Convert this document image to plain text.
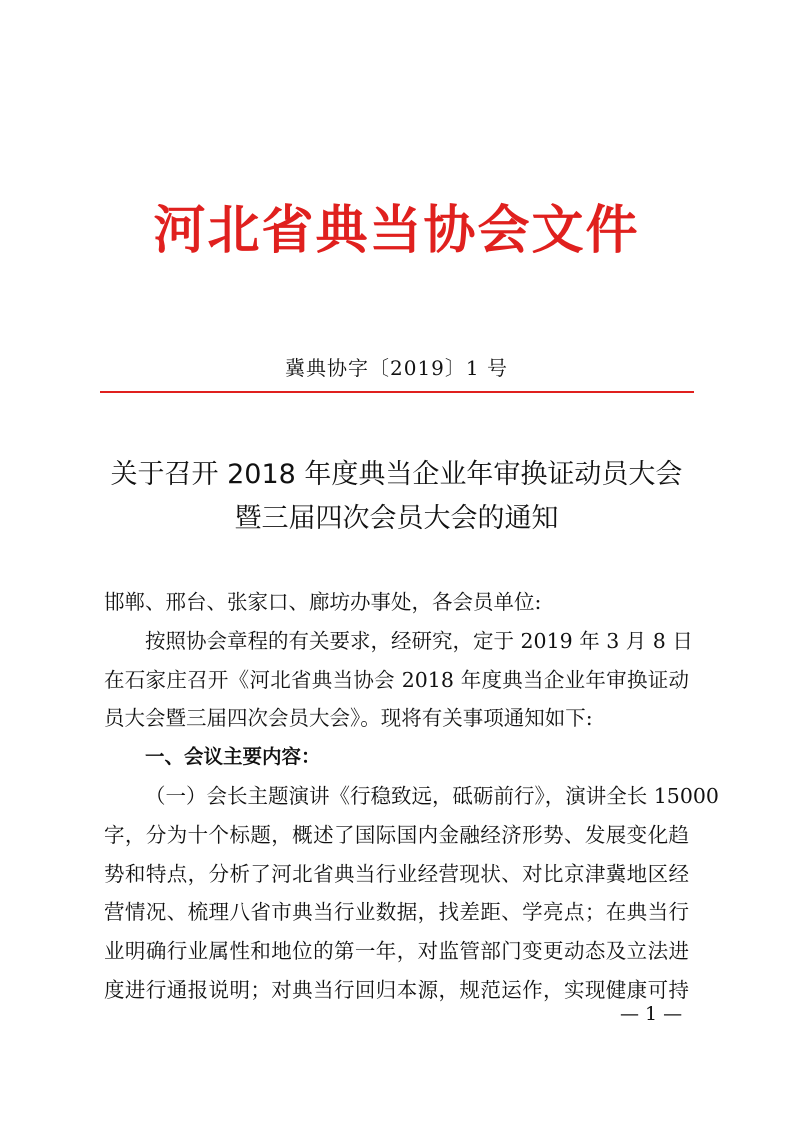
河北省典当协会文件
冀典协字〔2019〕1 号
关于召开 2018 年度典当企业年审换证动员大会
暨三届四次会员大会的通知
邯郸、邢台、张家口、廊坊办事处，各会员单位:
按照协会章程的有关要求，经研究，定于 2019 年 3 月 8 日
在石家庄召开《河北省典当协会 2018 年度典当企业年审换证动
员大会暨三届四次会员大会》。现将有关事项通知如下:
一、会议主要内容：
（一）会长主题演讲《行稳致远，砥砺前行》，演讲全长 15000
字，分为十个标题，概述了国际国内金融经济形势、发展变化趋
势和特点，分析了河北省典当行业经营现状、对比京津冀地区经
营情况、梳理八省市典当行业数据，找差距、学亮点；在典当行
业明确行业属性和地位的第一年，对监管部门变更动态及立法进
度进行通报说明；对典当行回归本源，规范运作，实现健康可持
— 1 —
